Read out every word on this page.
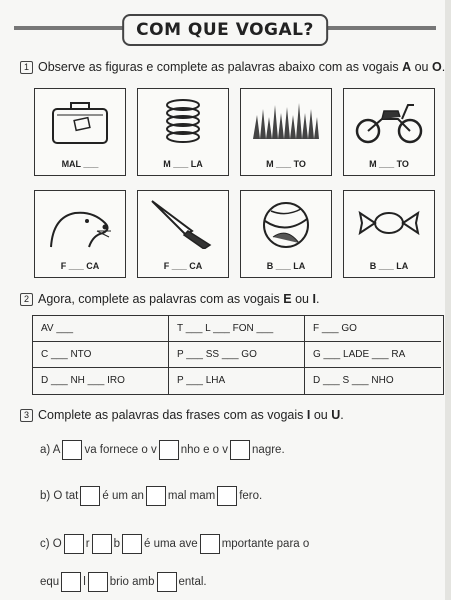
COM QUE VOGAL?
1 Observe as figuras e complete as palavras abaixo com as vogais A ou O.
MAL ___	M ___ LA	M ___ TO	M ___ TO
F ___ CA	F ___ CA	B ___ LA	B ___ LA
2 Agora, complete as palavras com as vogais E ou I.
AV ___	T ___ L ___ FON ___	F ___ GO
C ___ NTO	P ___ SS ___ GO	G ___ LADE ___ RA
D ___ NH ___ IRO	P ___ LHA	D ___ S ___ NHO
3 Complete as palavras das frases com as vogais I ou U.
a) A va fornece o v nho e o v nagre.
b) O tat é um an mal mam fero.
c) O r b é uma ave mportante para o
equ l brio amb ental.
